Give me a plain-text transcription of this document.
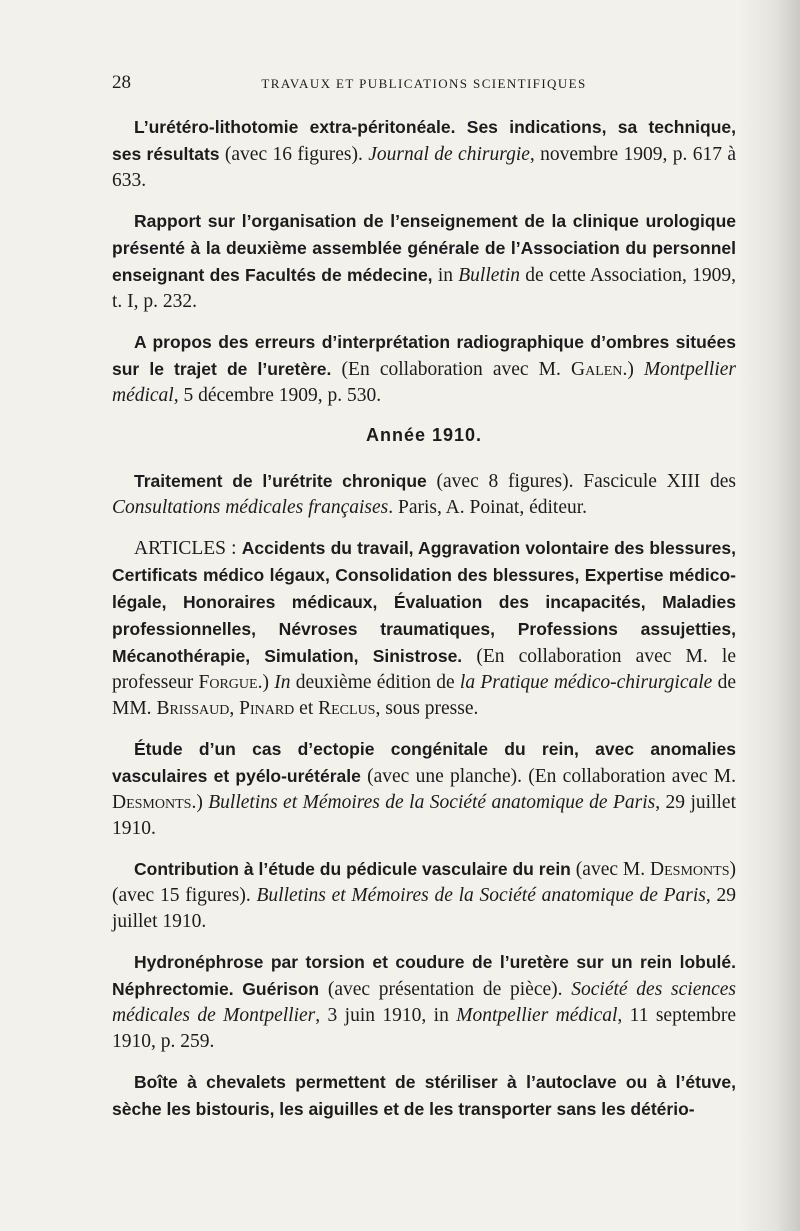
28	TRAVAUX ET PUBLICATIONS SCIENTIFIQUES

L’urétéro-lithotomie extra-péritonéale. Ses indications, sa technique, ses résultats (avec 16 figures). Journal de chirurgie, novembre 1909, p. 617 à 633.

Rapport sur l’organisation de l’enseignement de la clinique urologique présenté à la deuxième assemblée générale de l’Association du personnel enseignant des Facultés de médecine, in Bulletin de cette Association, 1909, t. I, p. 232.

A propos des erreurs d’interprétation radiographique d’ombres situées sur le trajet de l’uretère. (En collaboration avec M. Galen.) Montpellier médical, 5 décembre 1909, p. 530.

Année 1910.

Traitement de l’urétrite chronique (avec 8 figures). Fascicule XIII des Consultations médicales françaises. Paris, A. Poinat, éditeur.

ARTICLES : Accidents du travail, Aggravation volontaire des blessures, Certificats médico légaux, Consolidation des blessures, Expertise médico-légale, Honoraires médicaux, Évaluation des incapacités, Maladies professionnelles, Névroses traumatiques, Professions assujetties, Mécanothérapie, Simulation, Sinistrose. (En collaboration avec M. le professeur Forgue.) In deuxième édition de la Pratique médico-chirurgicale de MM. Brissaud, Pinard et Reclus, sous presse.

Étude d’un cas d’ectopie congénitale du rein, avec anomalies vasculaires et pyélo-urétérale (avec une planche). (En collaboration avec M. Desmonts.) Bulletins et Mémoires de la Société anatomique de Paris, 29 juillet 1910.

Contribution à l’étude du pédicule vasculaire du rein (avec M. Desmonts) (avec 15 figures). Bulletins et Mémoires de la Société anatomique de Paris, 29 juillet 1910.

Hydronéphrose par torsion et coudure de l’uretère sur un rein lobulé. Néphrectomie. Guérison (avec présentation de pièce). Société des sciences médicales de Montpellier, 3 juin 1910, in Montpellier médical, 11 septembre 1910, p. 259.

Boîte à chevalets permettent de stériliser à l’autoclave ou à l’étuve, sèche les bistouris, les aiguilles et de les transporter sans les détério-
